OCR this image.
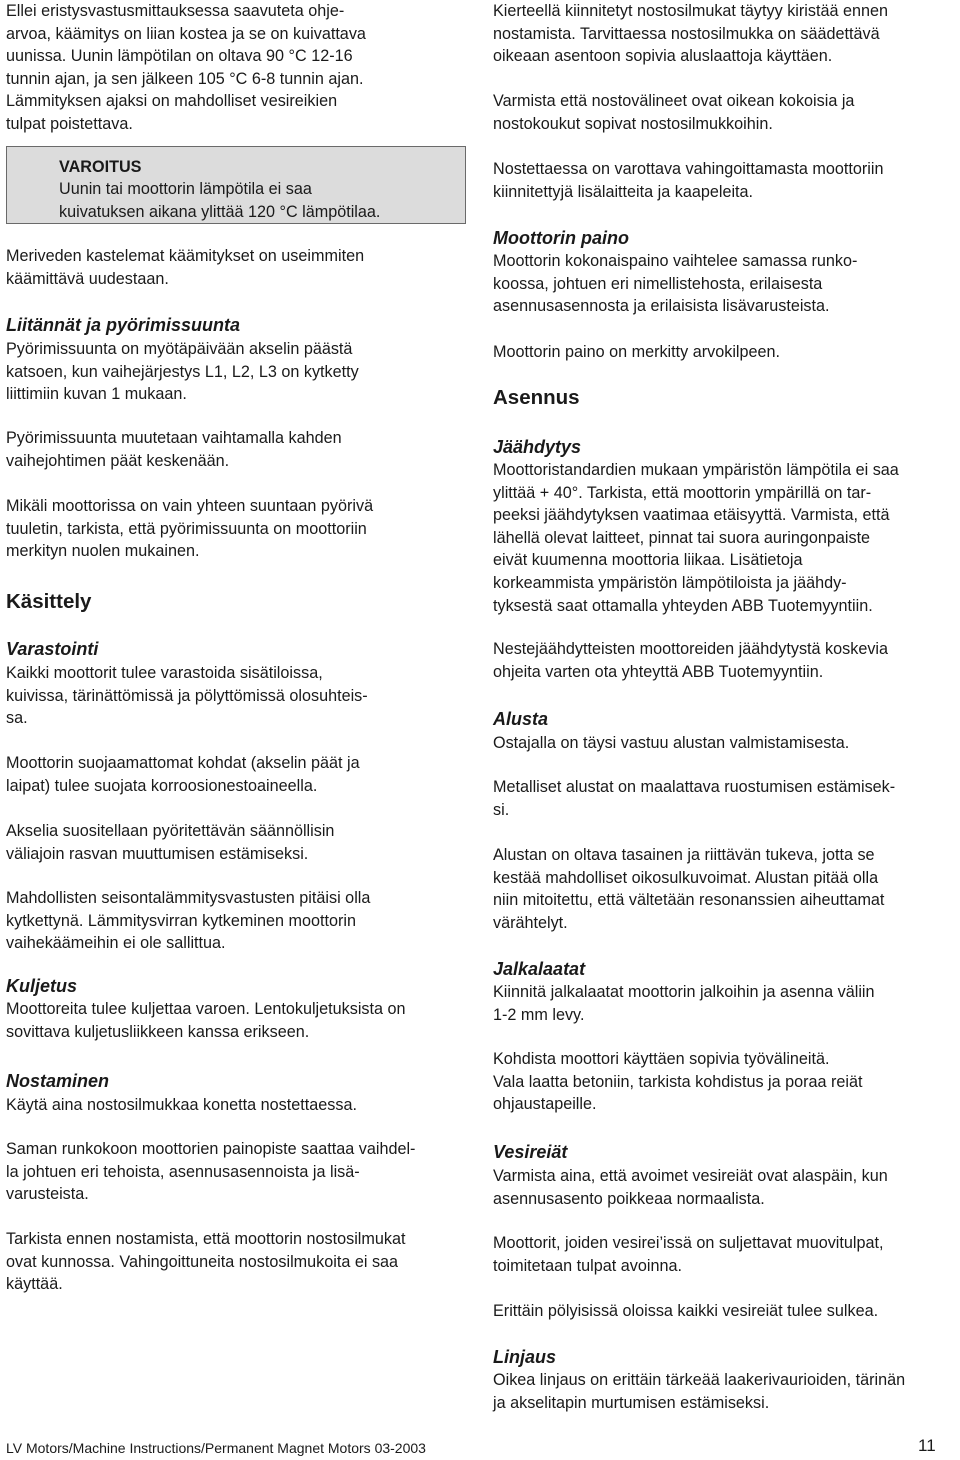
Ellei eristysvastusmittauksessa saavuteta ohje-
arvoa, käämitys on liian kostea ja se on kuivattava
uunissa. Uunin lämpötilan on oltava 90 °C 12-16
tunnin ajan, ja sen jälkeen 105 °C 6-8 tunnin ajan.
Lämmityksen ajaksi on mahdolliset vesireikien
tulpat poistettava.

VAROITUS

Uunin tai moottorin lämpötila ei saa
kuivatuksen aikana ylittää 120 °C lämpötilaa.

Meriveden kastelemat käämitykset on useimmiten
käämittävä uudestaan.

Liitännät ja pyörimissuunta

Pyörimissuunta on myötäpäivään akselin päästä
katsoen, kun vaihejärjestys L1, L2, L3 on kytketty
liittimiin kuvan 1 mukaan.

Pyörimissuunta muutetaan vaihtamalla kahden
vaihejohtimen päät keskenään.

Mikäli moottorissa on vain yhteen suuntaan pyörivä
tuuletin, tarkista, että pyörimissuunta on moottoriin
merkityn nuolen mukainen.

Käsittely
Varastointi

Kaikki moottorit tulee varastoida sisätiloissa,
kuivissa, tärinättömissä ja pölyttömissä olosuhteis-
sa.

Moottorin suojaamattomat kohdat (akselin päät ja
laipat) tulee suojata korroosionestoaineella.

Akselia suositellaan pyöritettävän säännöllisin
väliajoin rasvan muuttumisen estämiseksi.

Mahdollisten seisontalämmitysvastusten pitäisi olla
kytkettynä. Lämmitysvirran kytkeminen moottorin
vaihekäämeihin ei ole sallittua.

Kuljetus

Moottoreita tulee kuljettaa varoen. Lentokuljetuksista on
sovittava kuljetusliikkeen kanssa erikseen.

Nostaminen

Käytä aina nostosilmukkaa konetta nostettaessa.

Saman runkokoon moottorien painopiste saattaa vaihdel-
la johtuen eri tehoista, asennusasennoista ja lisä-
varusteista.

Tarkista ennen nostamista, että moottorin nostosilmukat
ovat kunnossa. Vahingoittuneita nostosilmukoita ei saa
käyttää.

Kierteellä kiinnitetyt nostosilmukat täytyy kiristää ennen
nostamista. Tarvittaessa nostosilmukka on säädettävä
oikeaan asentoon sopivia aluslaattoja käyttäen.

Varmista että nostovälineet ovat oikean kokoisia ja
nostokoukut sopivat nostosilmukkoihin.

Nostettaessa on varottava vahingoittamasta moottoriin
kiinnitettyjä lisälaitteita ja kaapeleita.

Moottorin paino

Moottorin kokonaispaino vaihtelee samassa runko-
koossa, johtuen eri nimellistehosta, erilaisesta
asennusasennosta ja erilaisista lisävarusteista.

Moottorin paino on merkitty arvokilpeen.

Asennus
Jäähdytys

Moottoristandardien mukaan ympäristön lämpötila ei saa
ylittää + 40°. Tarkista, että moottorin ympärillä on tar-
peeksi jäähdytyksen vaatimaa etäisyyttä. Varmista, että
lähellä olevat laitteet, pinnat tai suora auringonpaiste
eivät kuumenna moottoria liikaa. Lisätietoja
korkeammista ympäristön lämpötiloista ja jäähdy-
tyksestä saat ottamalla yhteyden ABB Tuotemyyntiin.

Nestejäähdytteisten moottoreiden jäähdytystä koskevia
ohjeita varten ota yhteyttä ABB Tuotemyyntiin.

Alusta

Ostajalla on täysi vastuu alustan valmistamisesta.

Metalliset alustat on maalattava ruostumisen estämisek-
si.

Alustan on oltava tasainen ja riittävän tukeva, jotta se
kestää mahdolliset oikosulkuvoimat. Alustan pitää olla
niin mitoitettu, että vältetään resonanssien aiheuttamat
värähtelyt.

Jalkalaatat

Kiinnitä jalkalaatat moottorin jalkoihin ja asenna väliin
1-2 mm levy.

Kohdista moottori käyttäen sopivia työvälineitä.
Vala laatta betoniin, tarkista kohdistus ja poraa reiät
ohjaustapeille.

Vesireiät

Varmista aina, että avoimet vesireiät ovat alaspäin, kun
asennusasento poikkeaa normaalista.

Moottorit, joiden vesirei’issä on suljettavat muovitulpat,
toimitetaan tulpat avoinna.

Erittäin pölyisissä oloissa kaikki vesireiät tulee sulkea.

Linjaus

Oikea linjaus on erittäin tärkeää laakerivaurioiden, tärinän
ja akselitapin murtumisen estämiseksi.

LV Motors/Machine Instructions/Permanent Magnet Motors 03-2003	11
